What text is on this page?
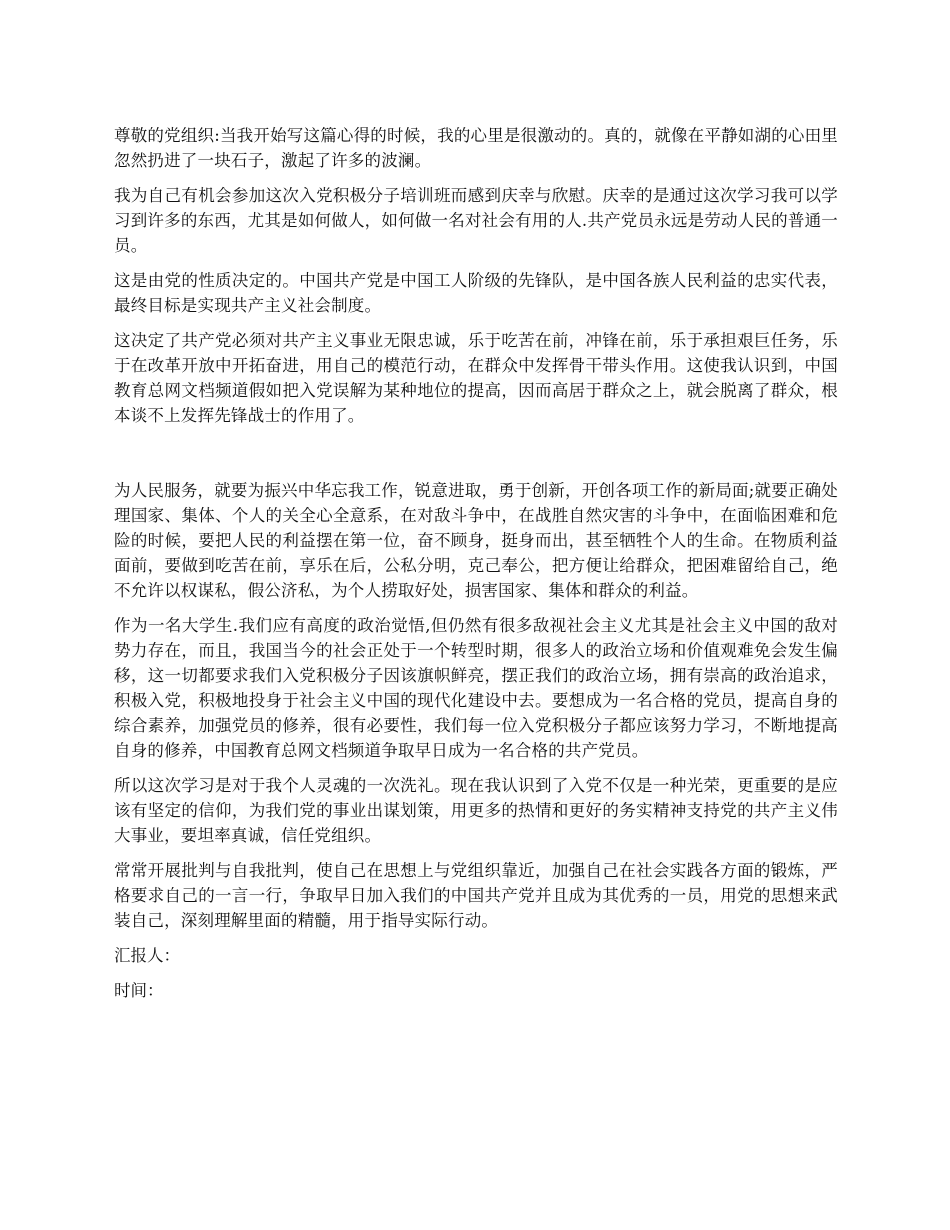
尊敬的党组织:当我开始写这篇心得的时候，我的心里是很激动的。真的，就像在平静如湖的心田里忽然扔进了一块石子，激起了许多的波澜。

我为自己有机会参加这次入党积极分子培训班而感到庆幸与欣慰。庆幸的是通过这次学习我可以学习到许多的东西，尤其是如何做人，如何做一名对社会有用的人.共产党员永远是劳动人民的普通一员。

这是由党的性质决定的。中国共产党是中国工人阶级的先锋队，是中国各族人民利益的忠实代表，最终目标是实现共产主义社会制度。

这决定了共产党必须对共产主义事业无限忠诚，乐于吃苦在前，冲锋在前，乐于承担艰巨任务，乐于在改革开放中开拓奋进，用自己的模范行动，在群众中发挥骨干带头作用。这使我认识到，中国教育总网文档频道假如把入党误解为某种地位的提高，因而高居于群众之上，就会脱离了群众，根本谈不上发挥先锋战士的作用了。

为人民服务，就要为振兴中华忘我工作，锐意进取，勇于创新，开创各项工作的新局面;就要正确处理国家、集体、个人的关全心全意系，在对敌斗争中，在战胜自然灾害的斗争中，在面临困难和危险的时候，要把人民的利益摆在第一位，奋不顾身，挺身而出，甚至牺牲个人的生命。在物质利益面前，要做到吃苦在前，享乐在后，公私分明，克己奉公，把方便让给群众，把困难留给自己，绝不允许以权谋私，假公济私，为个人捞取好处，损害国家、集体和群众的利益。

作为一名大学生.我们应有高度的政治觉悟,但仍然有很多敌视社会主义尤其是社会主义中国的敌对势力存在，而且，我国当今的社会正处于一个转型时期，很多人的政治立场和价值观难免会发生偏移，这一切都要求我们入党积极分子因该旗帜鲜亮，摆正我们的政治立场，拥有崇高的政治追求，积极入党，积极地投身于社会主义中国的现代化建设中去。要想成为一名合格的党员，提高自身的综合素养，加强党员的修养，很有必要性，我们每一位入党积极分子都应该努力学习，不断地提高自身的修养，中国教育总网文档频道争取早日成为一名合格的共产党员。

所以这次学习是对于我个人灵魂的一次洗礼。现在我认识到了入党不仅是一种光荣，更重要的是应该有坚定的信仰，为我们党的事业出谋划策，用更多的热情和更好的务实精神支持党的共产主义伟大事业，要坦率真诚，信任党组织。

常常开展批判与自我批判，使自己在思想上与党组织靠近，加强自己在社会实践各方面的锻炼，严格要求自己的一言一行，争取早日加入我们的中国共产党并且成为其优秀的一员，用党的思想来武装自己，深刻理解里面的精髓，用于指导实际行动。

汇报人：

时间：
